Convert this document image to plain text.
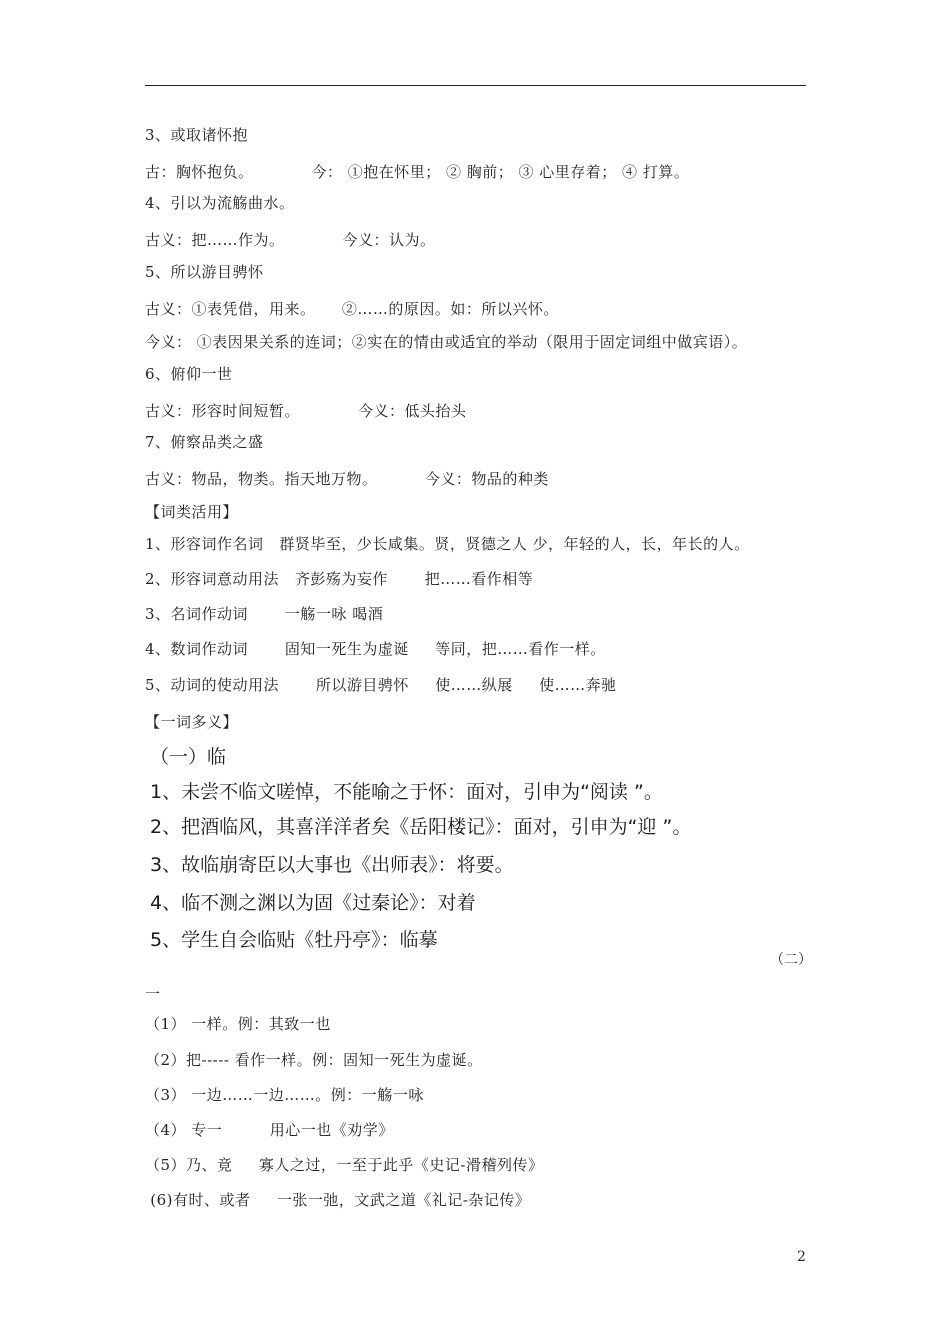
3、或取诸怀抱
古：胸怀抱负。           今： ①抱在怀里； ② 胸前； ③ 心里存着； ④ 打算。
4、引以为流觞曲水。
古义：把……作为。           今义：认为。
5、所以游目骋怀
古义：①表凭借，用来。     ②……的原因。如：所以兴怀。
今义： ①表因果关系的连词；②实在的情由或适宜的举动（限用于固定词组中做宾语）。
6、俯仰一世
古义：形容时间短暂。           今义：低头抬头
7、俯察品类之盛
古义：物品，物类。指天地万物。         今义：物品的种类
【词类活用】
1、形容词作名词   群贤毕至，少长咸集。贤，贤德之人 少，年轻的人，长，年长的人。
2、形容词意动用法   齐彭殇为妄作       把……看作相等
3、名词作动词       一觞一咏 喝酒
4、数词作动词       固知一死生为虚诞     等同，把……看作一样。
5、动词的使动用法       所以游目骋怀     使……纵展     使……奔驰
【一词多义】
（一）临
1、未尝不临文嗟悼，不能喻之于怀：面对，引申为“阅读 ”。
2、把酒临风，其喜洋洋者矣《岳阳楼记》：面对，引申为“迎 ”。
3、故临崩寄臣以大事也《出师表》：将要。
4、临不测之渊以为固《过秦论》：对着
5、学生自会临贴《牡丹亭》：临摹
（二）
一
（1） 一样。例：其致一也
（2）把----- 看作一样。例：固知一死生为虚诞。
（3） 一边……一边……。例：一觞一咏
（4） 专一         用心一也《劝学》
（5）乃、竟     寡人之过，一至于此乎《史记-滑稽列传》
(6)有时、或者     一张一弛，文武之道《礼记-杂记传》
2
